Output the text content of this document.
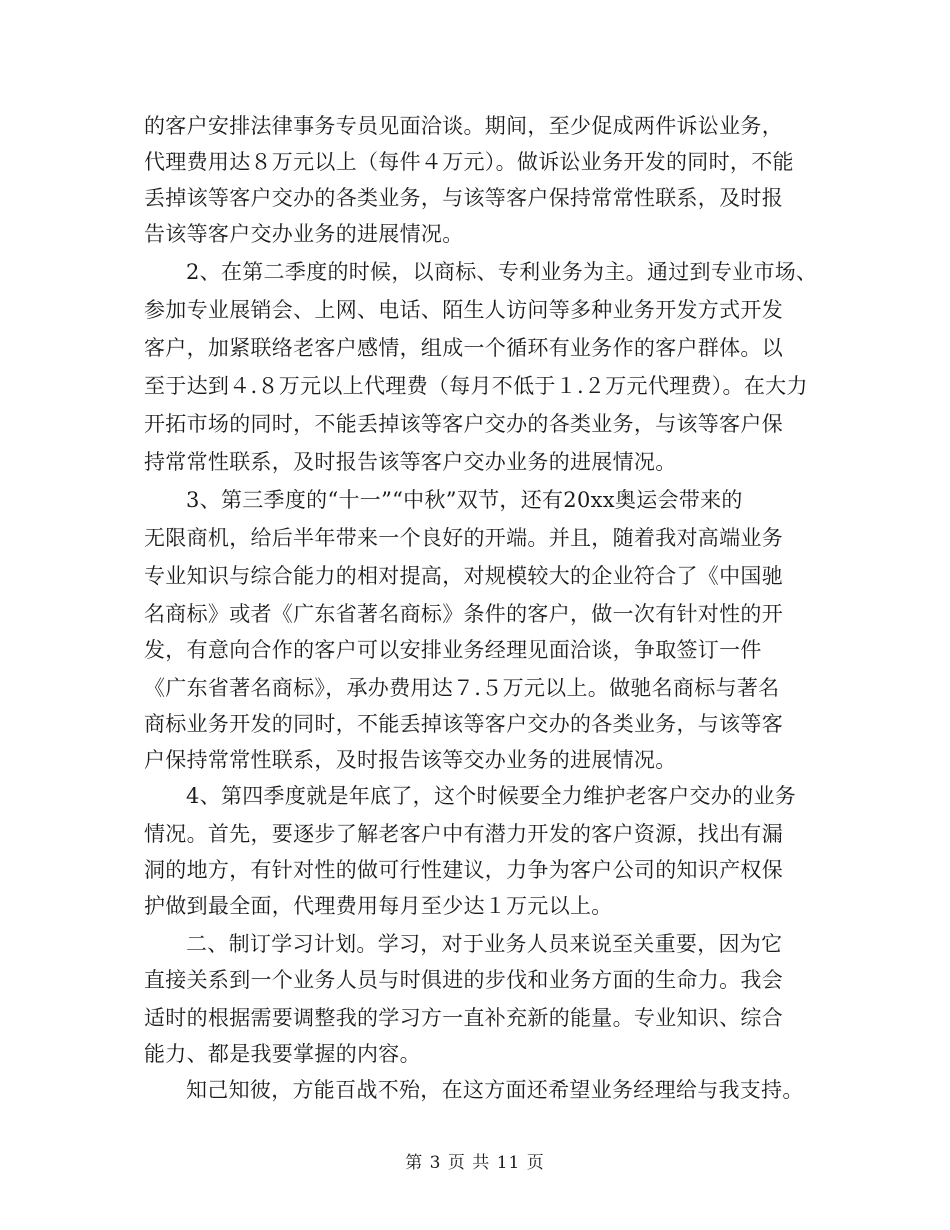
的客户安排法律事务专员见面洽谈。期间，至少促成两件诉讼业务，
代理费用达８万元以上（每件４万元）。做诉讼业务开发的同时，不能
丢掉该等客户交办的各类业务，与该等客户保持常常性联系，及时报
告该等客户交办业务的进展情况。
2、在第二季度的时候，以商标、专利业务为主。通过到专业市场、
参加专业展销会、上网、电话、陌生人访问等多种业务开发方式开发
客户，加紧联络老客户感情，组成一个循环有业务作的客户群体。以
至于达到４.８万元以上代理费（每月不低于１.２万元代理费）。在大力
开拓市场的同时，不能丢掉该等客户交办的各类业务，与该等客户保
持常常性联系，及时报告该等客户交办业务的进展情况。
3、第三季度的“十一”“中秋”双节，还有20xx奥运会带来的
无限商机，给后半年带来一个良好的开端。并且，随着我对高端业务
专业知识与综合能力的相对提高，对规模较大的企业符合了《中国驰
名商标》或者《广东省著名商标》条件的客户，做一次有针对性的开
发，有意向合作的客户可以安排业务经理见面洽谈，争取签订一件
《广东省著名商标》，承办费用达７.５万元以上。做驰名商标与著名
商标业务开发的同时，不能丢掉该等客户交办的各类业务，与该等客
户保持常常性联系，及时报告该等交办业务的进展情况。
4、第四季度就是年底了，这个时候要全力维护老客户交办的业务
情况。首先，要逐步了解老客户中有潜力开发的客户资源，找出有漏
洞的地方，有针对性的做可行性建议，力争为客户公司的知识产权保
护做到最全面，代理费用每月至少达１万元以上。
二、制订学习计划。学习，对于业务人员来说至关重要，因为它
直接关系到一个业务人员与时俱进的步伐和业务方面的生命力。我会
适时的根据需要调整我的学习方一直补充新的能量。专业知识、综合
能力、都是我要掌握的内容。
知己知彼，方能百战不殆，在这方面还希望业务经理给与我支持。
第 3 页 共 11 页
